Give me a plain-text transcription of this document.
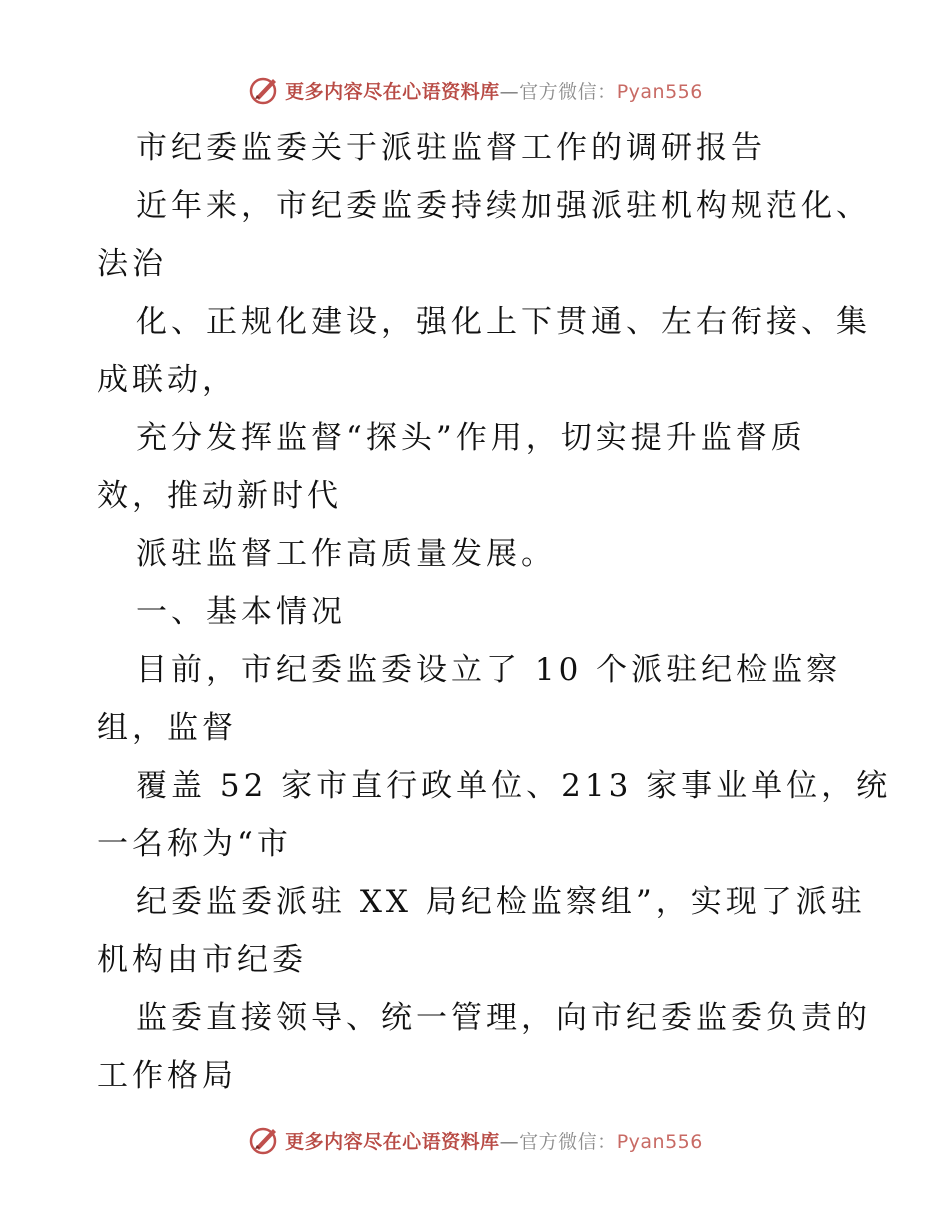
更多内容尽在心语资料库—官方微信：Pyan556
市纪委监委关于派驻监督工作的调研报告
近年来，市纪委监委持续加强派驻机构规范化、
法治
化、正规化建设，强化上下贯通、左右衔接、集
成联动，
充分发挥监督“探头”作用，切实提升监督质
效，推动新时代
派驻监督工作高质量发展。
一、基本情况
目前，市纪委监委设立了 10 个派驻纪检监察
组，监督
覆盖 52 家市直行政单位、213 家事业单位，统
一名称为“市
纪委监委派驻 XX 局纪检监察组”，实现了派驻
机构由市纪委
监委直接领导、统一管理，向市纪委监委负责的
工作格局
更多内容尽在心语资料库—官方微信：Pyan556
